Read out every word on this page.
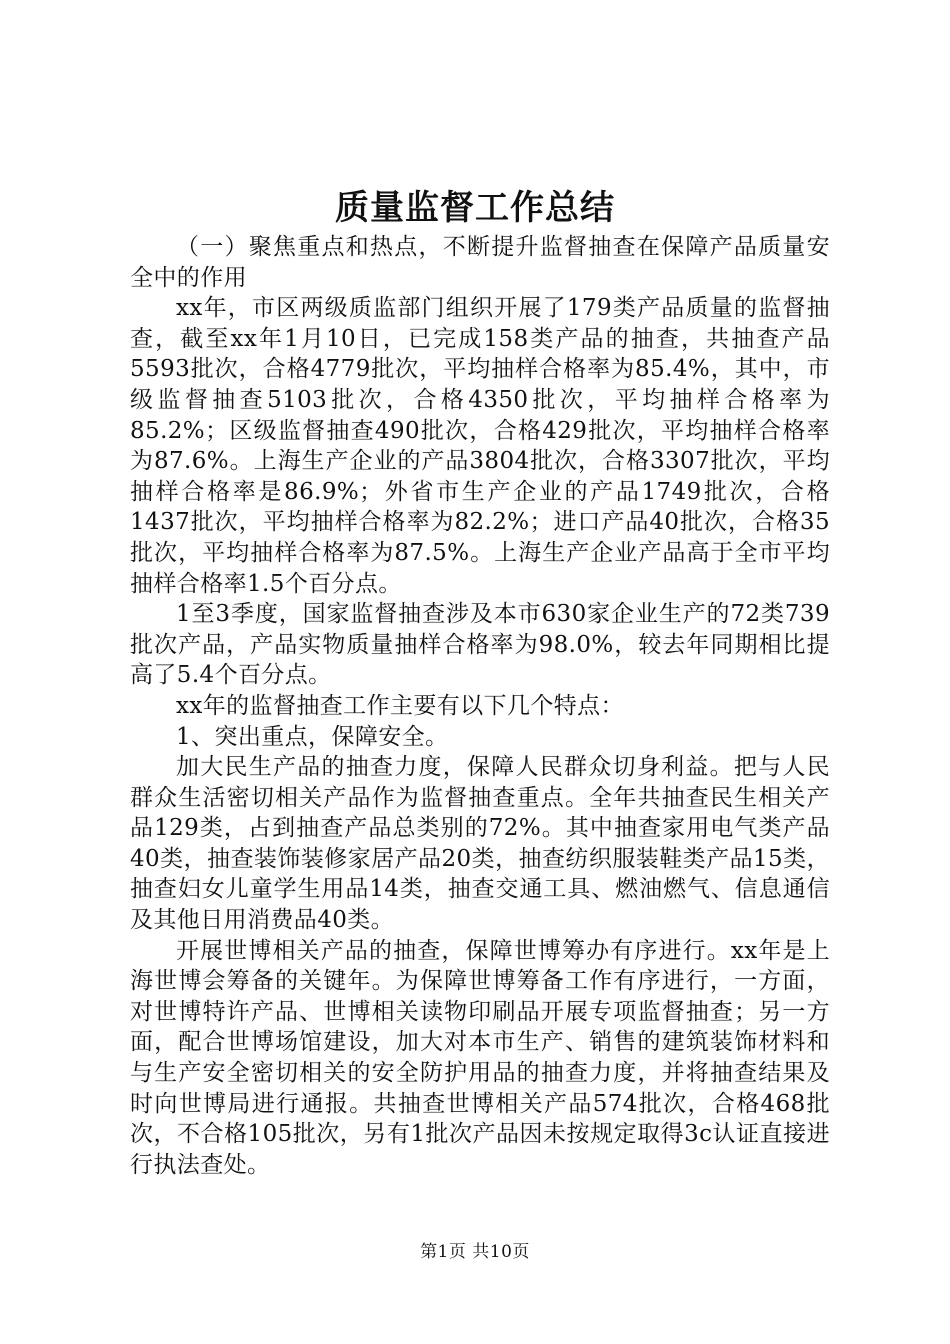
质量监督工作总结

（一）聚焦重点和热点，不断提升监督抽查在保障产品质量安全中的作用

xx年，市区两级质监部门组织开展了179类产品质量的监督抽查，截至xx年1月10日，已完成158类产品的抽查，共抽查产品5593批次，合格4779批次，平均抽样合格率为85.4%，其中，市级监督抽查5103批次，合格4350批次，平均抽样合格率为85.2%；区级监督抽查490批次，合格429批次，平均抽样合格率为87.6%。上海生产企业的产品3804批次，合格3307批次，平均抽样合格率是86.9%；外省市生产企业的产品1749批次，合格1437批次，平均抽样合格率为82.2%；进口产品40批次，合格35批次，平均抽样合格率为87.5%。上海生产企业产品高于全市平均抽样合格率1.5个百分点。

1至3季度，国家监督抽查涉及本市630家企业生产的72类739批次产品，产品实物质量抽样合格率为98.0%，较去年同期相比提高了5.4个百分点。

xx年的监督抽查工作主要有以下几个特点：

1、突出重点，保障安全。

加大民生产品的抽查力度，保障人民群众切身利益。把与人民群众生活密切相关产品作为监督抽查重点。全年共抽查民生相关产品129类，占到抽查产品总类别的72%。其中抽查家用电气类产品40类，抽查装饰装修家居产品20类，抽查纺织服装鞋类产品15类，抽查妇女儿童学生用品14类，抽查交通工具、燃油燃气、信息通信及其他日用消费品40类。

开展世博相关产品的抽查，保障世博筹办有序进行。xx年是上海世博会筹备的关键年。为保障世博筹备工作有序进行，一方面，对世博特许产品、世博相关读物印刷品开展专项监督抽查；另一方面，配合世博场馆建设，加大对本市生产、销售的建筑装饰材料和与生产安全密切相关的安全防护用品的抽查力度，并将抽查结果及时向世博局进行通报。共抽查世博相关产品574批次，合格468批次，不合格105批次，另有1批次产品因未按规定取得3c认证直接进行执法查处。

第1页 共10页
